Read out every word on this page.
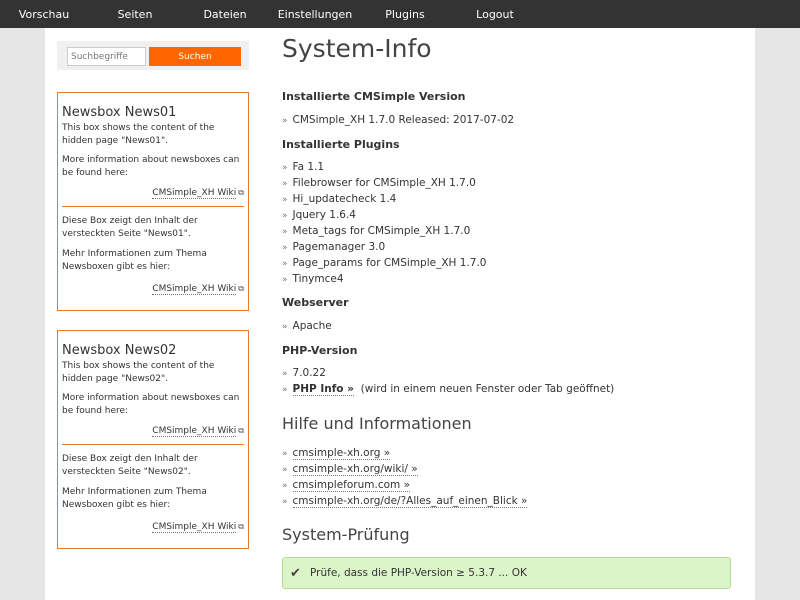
Vorschau	Seiten	Dateien	Einstellungen	Plugins	Logout
Suchbegriffe
Suchen
Newsbox News01

This box shows the content of the hidden page "News01".

More information about newsboxes can be found here:

CMSimple_XH Wiki ⧉

Diese Box zeigt den Inhalt der versteckten Seite "News01".

Mehr Informationen zum Thema Newsboxen gibt es hier:

CMSimple_XH Wiki ⧉
Newsbox News02

This box shows the content of the hidden page "News02".

More information about newsboxes can be found here:

CMSimple_XH Wiki ⧉

Diese Box zeigt den Inhalt der versteckten Seite "News02".

Mehr Informationen zum Thema Newsboxen gibt es hier:

CMSimple_XH Wiki ⧉
System-Info
Installierte CMSimple Version
» CMSimple_XH 1.7.0 Released: 2017-07-02
Installierte Plugins
» Fa 1.1
» Filebrowser for CMSimple_XH 1.7.0
» Hi_updatecheck 1.4
» Jquery 1.6.4
» Meta_tags for CMSimple_XH 1.7.0
» Pagemanager 3.0
» Page_params for CMSimple_XH 1.7.0
» Tinymce4
Webserver
» Apache
PHP-Version
» 7.0.22
» PHP Info » (wird in einem neuen Fenster oder Tab geöffnet)
Hilfe und Informationen
» cmsimple-xh.org »
» cmsimple-xh.org/wiki/ »
» cmsimpleforum.com »
» cmsimple-xh.org/de/?Alles_auf_einen_Blick »
System-Prüfung
✔ Prüfe, dass die PHP-Version ≥ 5.3.7 ... OK
